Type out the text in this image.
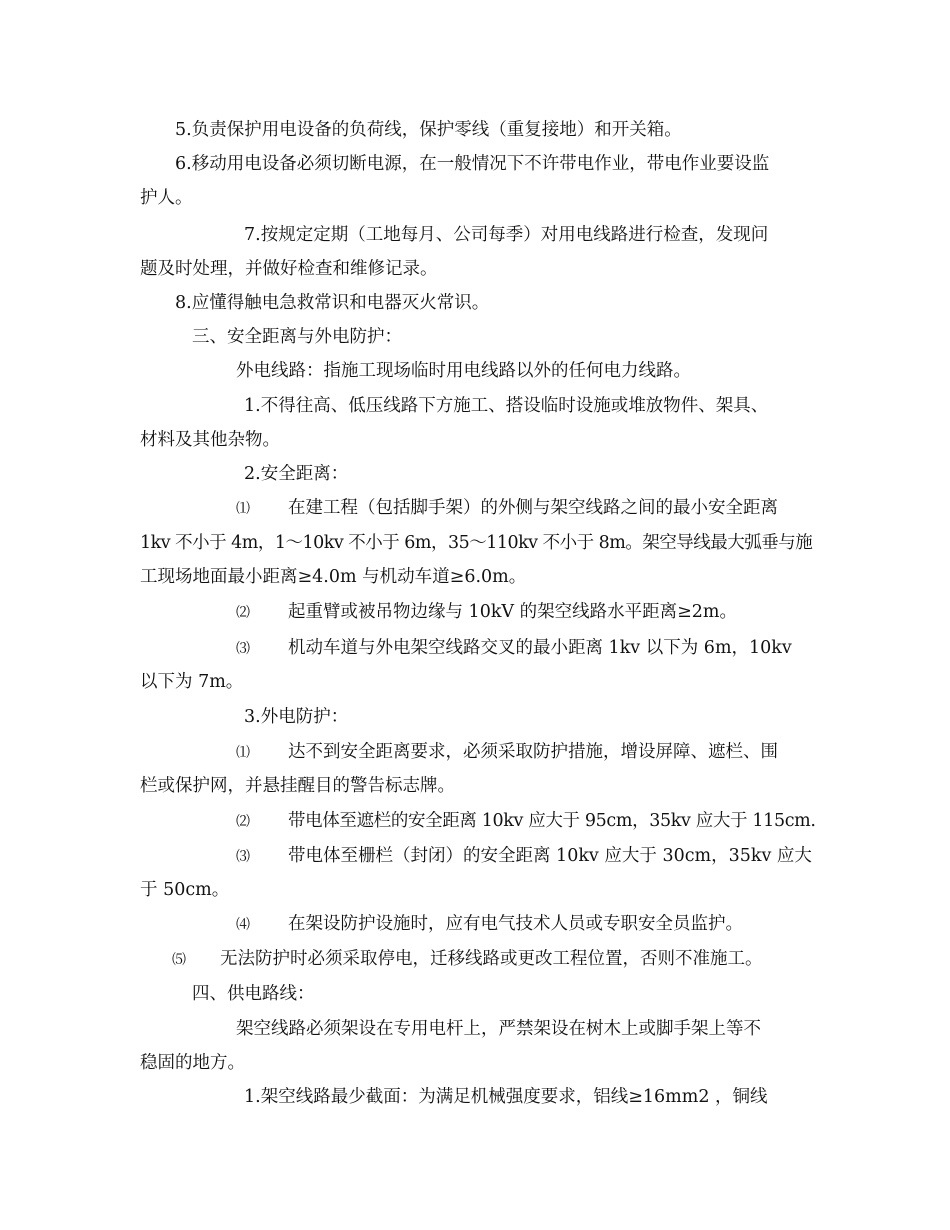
5.负责保护用电设备的负荷线，保护零线（重复接地）和开关箱。
6.移动用电设备必须切断电源，在一般情况下不许带电作业，带电作业要设监
护人。
7.按规定定期（工地每月、公司每季）对用电线路进行检查，发现问
题及时处理，并做好检查和维修记录。
8.应懂得触电急救常识和电器灭火常识。
三、安全距离与外电防护：
外电线路：指施工现场临时用电线路以外的任何电力线路。
1.不得往高、低压线路下方施工、搭设临时设施或堆放物件、架具、
材料及其他杂物。
2.安全距离：
⑴ 在建工程（包括脚手架）的外侧与架空线路之间的最小安全距离
1kv 不小于 4m，1～10kv 不小于 6m，35～110kv 不小于 8m。架空导线最大弧垂与施
工现场地面最小距离≥4.0m 与机动车道≥6.0m。
⑵ 起重臂或被吊物边缘与 10kV 的架空线路水平距离≥2m。
⑶ 机动车道与外电架空线路交叉的最小距离 1kv 以下为 6m，10kv
以下为 7m。
3.外电防护：
⑴ 达不到安全距离要求，必须采取防护措施，增设屏障、遮栏、围
栏或保护网，并悬挂醒目的警告标志牌。
⑵ 带电体至遮栏的安全距离 10kv 应大于 95cm，35kv 应大于 115cm.
⑶ 带电体至栅栏（封闭）的安全距离 10kv 应大于 30cm，35kv 应大
于 50cm。
⑷ 在架设防护设施时，应有电气技术人员或专职安全员监护。
⑸ 无法防护时必须采取停电，迁移线路或更改工程位置，否则不准施工。
四、供电路线：
架空线路必须架设在专用电杆上，严禁架设在树木上或脚手架上等不
稳固的地方。
1.架空线路最少截面：为满足机械强度要求，铝线≥16mm2 ，铜线
